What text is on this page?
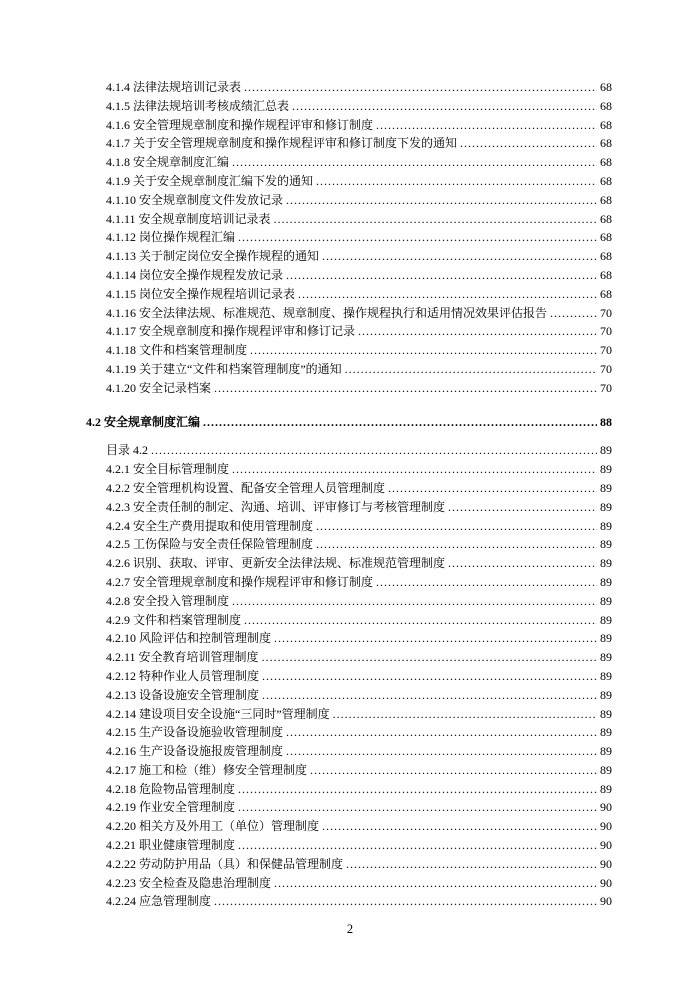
4.1.4 法律法规培训记录表 .....	68
4.1.5 法律法规培训考核成绩汇总表 .....	68
4.1.6 安全管理规章制度和操作规程评审和修订制度 .....	68
4.1.7 关于安全管理规章制度和操作规程评审和修订制度下发的通知 .....	68
4.1.8 安全规章制度汇编 .....	68
4.1.9 关于安全规章制度汇编下发的通知 .....	68
4.1.10 安全规章制度文件发放记录 .....	68
4.1.11 安全规章制度培训记录表 .....	68
4.1.12 岗位操作规程汇编 .....	68
4.1.13 关于制定岗位安全操作规程的通知 .....	68
4.1.14 岗位安全操作规程发放记录 .....	68
4.1.15 岗位安全操作规程培训记录表 .....	68
4.1.16 安全法律法规、标准规范、规章制度、操作规程执行和适用情况效果评估报告 .....	70
4.1.17 安全规章制度和操作规程评审和修订记录 .....	70
4.1.18 文件和档案管理制度 .....	70
4.1.19 关于建立“文件和档案管理制度”的通知 .....	70
4.1.20 安全记录档案 .....	70
4.2 安全规章制度汇编 .....	88
目录 4.2 .....	89
4.2.1 安全目标管理制度 .....	89
4.2.2 安全管理机构设置、配备安全管理人员管理制度 .....	89
4.2.3 安全责任制的制定、沟通、培训、评审修订与考核管理制度 .....	89
4.2.4 安全生产费用提取和使用管理制度 .....	89
4.2.5 工伤保险与安全责任保险管理制度 .....	89
4.2.6 识别、获取、评审、更新安全法律法规、标准规范管理制度 .....	89
4.2.7 安全管理规章制度和操作规程评审和修订制度 .....	89
4.2.8 安全投入管理制度 .....	89
4.2.9 文件和档案管理制度 .....	89
4.2.10 风险评估和控制管理制度 .....	89
4.2.11 安全教育培训管理制度 .....	89
4.2.12 特种作业人员管理制度 .....	89
4.2.13 设备设施安全管理制度 .....	89
4.2.14 建设项目安全设施“三同时”管理制度 .....	89
4.2.15 生产设备设施验收管理制度 .....	89
4.2.16 生产设备设施报废管理制度 .....	89
4.2.17 施工和检（维）修安全管理制度 .....	89
4.2.18 危险物品管理制度 .....	89
4.2.19 作业安全管理制度 .....	90
4.2.20 相关方及外用工（单位）管理制度 .....	90
4.2.21 职业健康管理制度 .....	90
4.2.22 劳动防护用品（具）和保健品管理制度 .....	90
4.2.23 安全检查及隐患治理制度 .....	90
4.2.24 应急管理制度 .....	90
2
